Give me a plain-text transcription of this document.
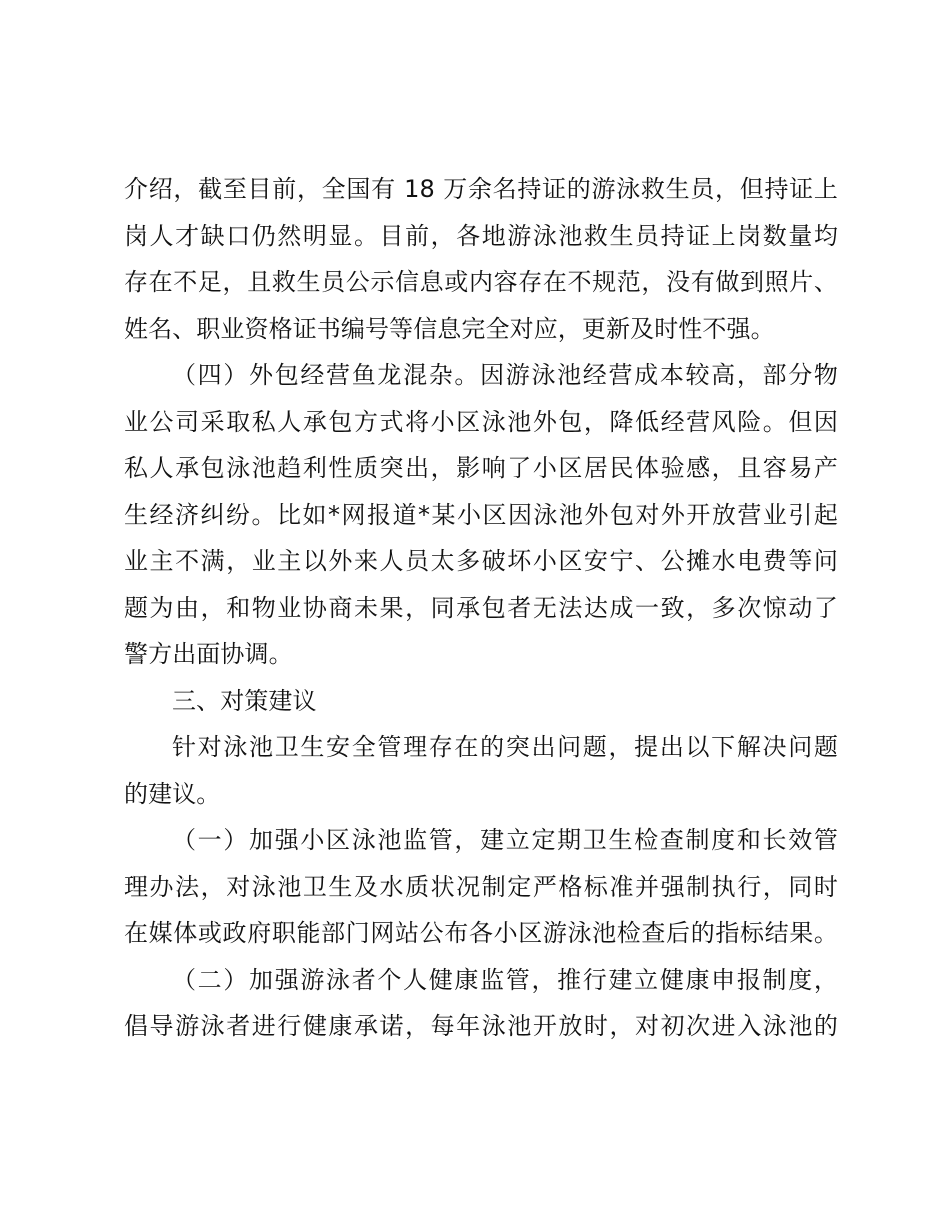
介绍，截至目前，全国有 18 万余名持证的游泳救生员，但持证上
岗人才缺口仍然明显。目前，各地游泳池救生员持证上岗数量均
存在不足，且救生员公示信息或内容存在不规范，没有做到照片、
姓名、职业资格证书编号等信息完全对应，更新及时性不强。
（四）外包经营鱼龙混杂。因游泳池经营成本较高，部分物
业公司采取私人承包方式将小区泳池外包，降低经营风险。但因
私人承包泳池趋利性质突出，影响了小区居民体验感，且容易产
生经济纠纷。比如*网报道*某小区因泳池外包对外开放营业引起
业主不满，业主以外来人员太多破坏小区安宁、公摊水电费等问
题为由，和物业协商未果，同承包者无法达成一致，多次惊动了
警方出面协调。
三、对策建议
针对泳池卫生安全管理存在的突出问题，提出以下解决问题
的建议。
（一）加强小区泳池监管，建立定期卫生检查制度和长效管
理办法，对泳池卫生及水质状况制定严格标准并强制执行，同时
在媒体或政府职能部门网站公布各小区游泳池检查后的指标结果。
（二）加强游泳者个人健康监管，推行建立健康申报制度，
倡导游泳者进行健康承诺，每年泳池开放时，对初次进入泳池的
